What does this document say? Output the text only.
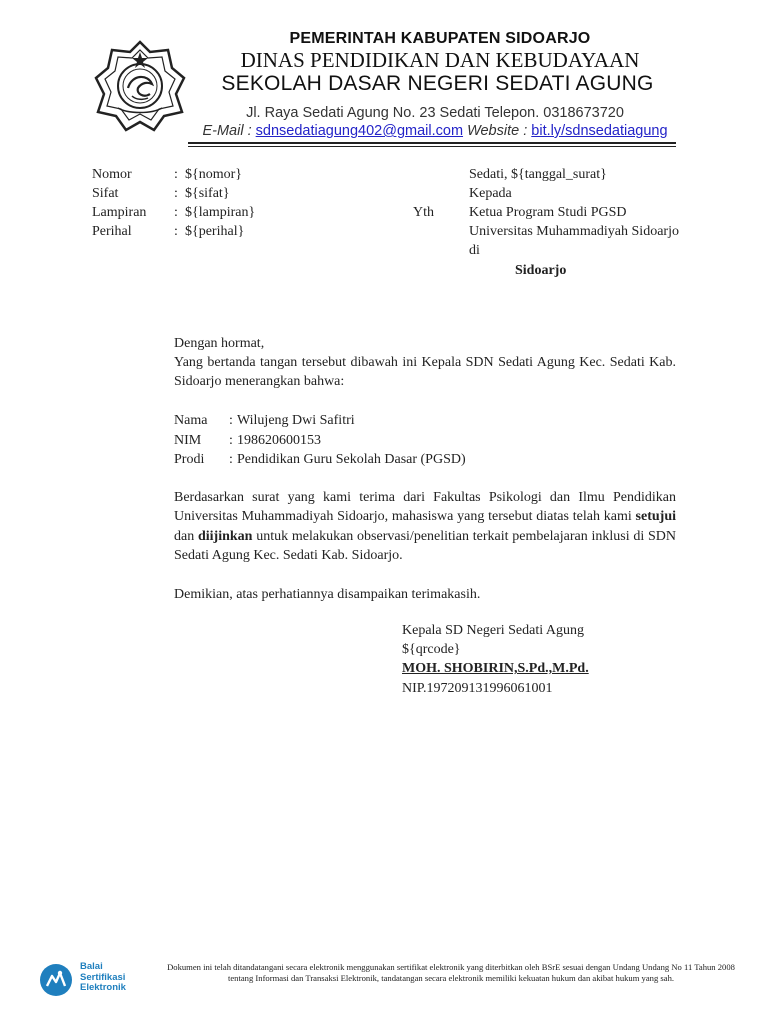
PEMERINTAH KABUPATEN SIDOARJO
DINAS PENDIDIKAN DAN KEBUDAYAAN
SEKOLAH DASAR NEGERI SEDATI AGUNG
Jl. Raya Sedati Agung No. 23 Sedati Telepon. 0318673720
E-Mail : sdnsedatiagung402@gmail.com Website : bit.ly/sdnsedatiagung
Nomor	: ${nomor}
Sifat	: ${sifat}
Lampiran : ${lampiran}
Perihal	: ${perihal}
Sedati, ${tanggal_surat}
Kepada
Yth	Ketua Program Studi PGSD
Universitas Muhammadiyah Sidoarjo
di
Sidoarjo
Dengan hormat,
Yang bertanda tangan tersebut dibawah ini Kepala SDN Sedati Agung Kec. Sedati Kab. Sidoarjo menerangkan bahwa:
Nama : Wilujeng Dwi Safitri
NIM : 198620600153
Prodi : Pendidikan Guru Sekolah Dasar (PGSD)
Berdasarkan surat yang kami terima dari Fakultas Psikologi dan Ilmu Pendidikan Universitas Muhammadiyah Sidoarjo, mahasiswa yang tersebut diatas telah kami setujui dan diijinkan untuk melakukan observasi/penelitian terkait pembelajaran inklusi di SDN Sedati Agung Kec. Sedati Kab. Sidoarjo.
Demikian, atas perhatiannya disampaikan terimakasih.
Kepala SD Negeri Sedati Agung
${qrcode}
MOH. SHOBIRIN,S.Pd.,M.Pd.
NIP.197209131996061001
Balai
Sertifikasi
Elektronik
Dokumen ini telah ditandatangani secara elektronik menggunakan sertifikat elektronik yang diterbitkan oleh BSrE sesuai dengan Undang Undang No 11 Tahun 2008 tentang Informasi dan Transaksi Elektronik, tandatangan secara elektronik memiliki kekuatan hukum dan akibat hukum yang sah.
